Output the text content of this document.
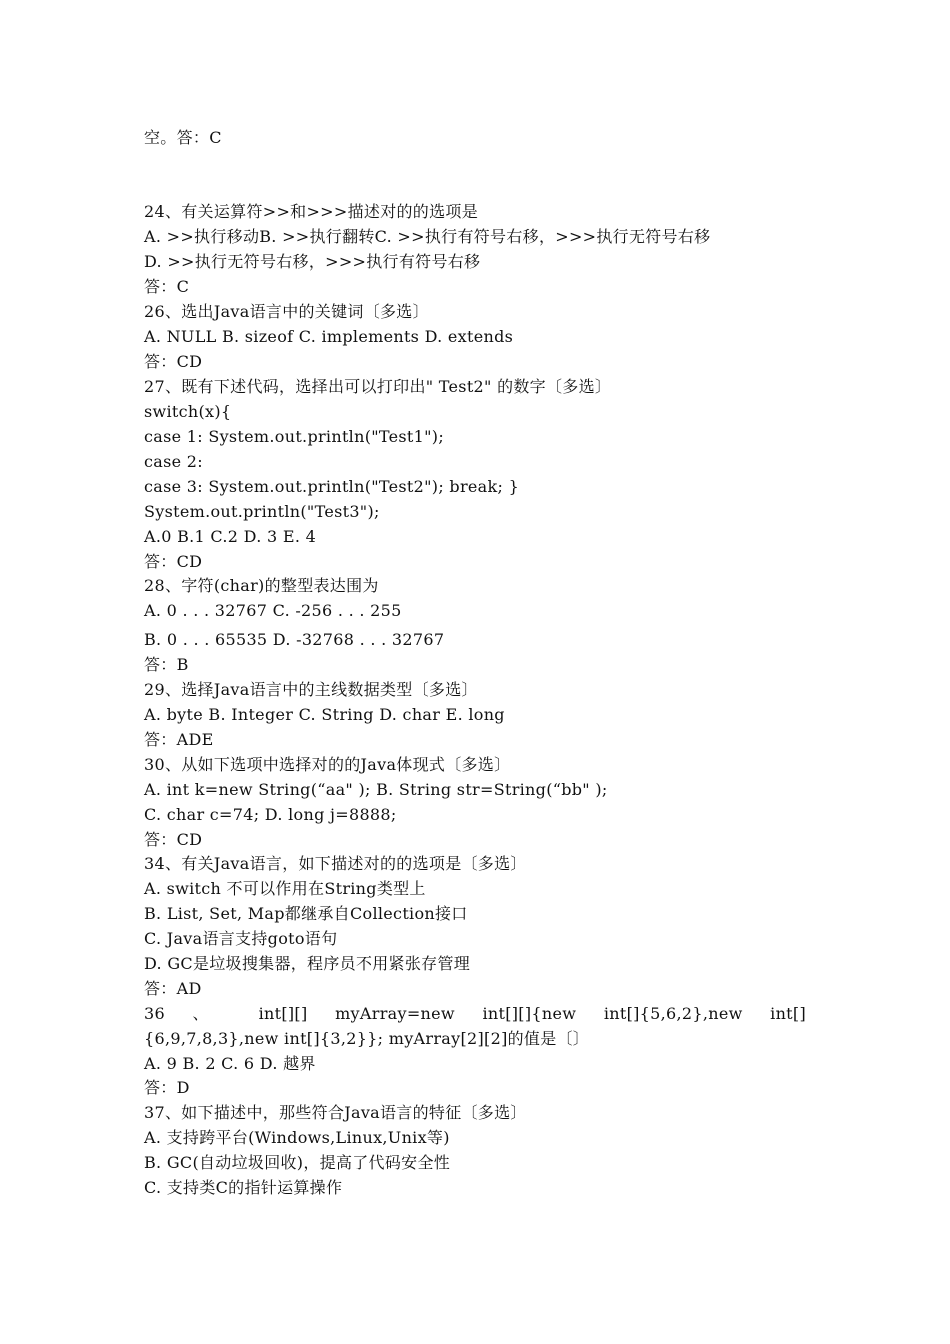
空。答：C
24、有关运算符>>和>>>描述对的的选项是
A. >>执行移动B. >>执行翻转C. >>执行有符号右移，>>>执行无符号右移
D. >>执行无符号右移，>>>执行有符号右移
答：C
26、选出Java语言中的关键词〔多选〕
A. NULL B. sizeof C. implements D. extends
答：CD
27、既有下述代码，选择出可以打印出" Test2" 的数字〔多选〕
switch(x){
case 1: System.out.println("Test1");
case 2:
case 3: System.out.println("Test2"); break; }
System.out.println("Test3");
A.0 B.1 C.2 D. 3 E. 4
答：CD
28、字符(char)的整型表达围为
A. 0 . . . 32767 C. -256 . . . 255
B. 0 . . . 65535 D. -32768 . . . 32767
答：B
29、选择Java语言中的主线数据类型〔多选〕
A. byte B. Integer C. String D. char E. long
答：ADE
30、从如下选项中选择对的的Java体现式〔多选〕
A. int k=new String(“aa" ); B. String str=String(“bb" );
C. char c=74; D. long j=8888;
答：CD
34、有关Java语言，如下描述对的的选项是〔多选〕
A. switch 不可以作用在String类型上
B. List, Set, Map都继承自Collection接口
C. Java语言支持goto语句
D. GC是垃圾搜集器，程序员不用紧张存管理
答：AD
36 、 int[][] myArray=new int[][]{new int[]{5,6,2},new int[]
{6,9,7,8,3},new int[]{3,2}}; myArray[2][2]的值是〔〕
A. 9 B. 2 C. 6 D. 越界
答：D
37、如下描述中，那些符合Java语言的特征〔多选〕
A. 支持跨平台(Windows,Linux,Unix等)
B. GC(自动垃圾回收)，提高了代码安全性
C. 支持类C的指针运算操作
